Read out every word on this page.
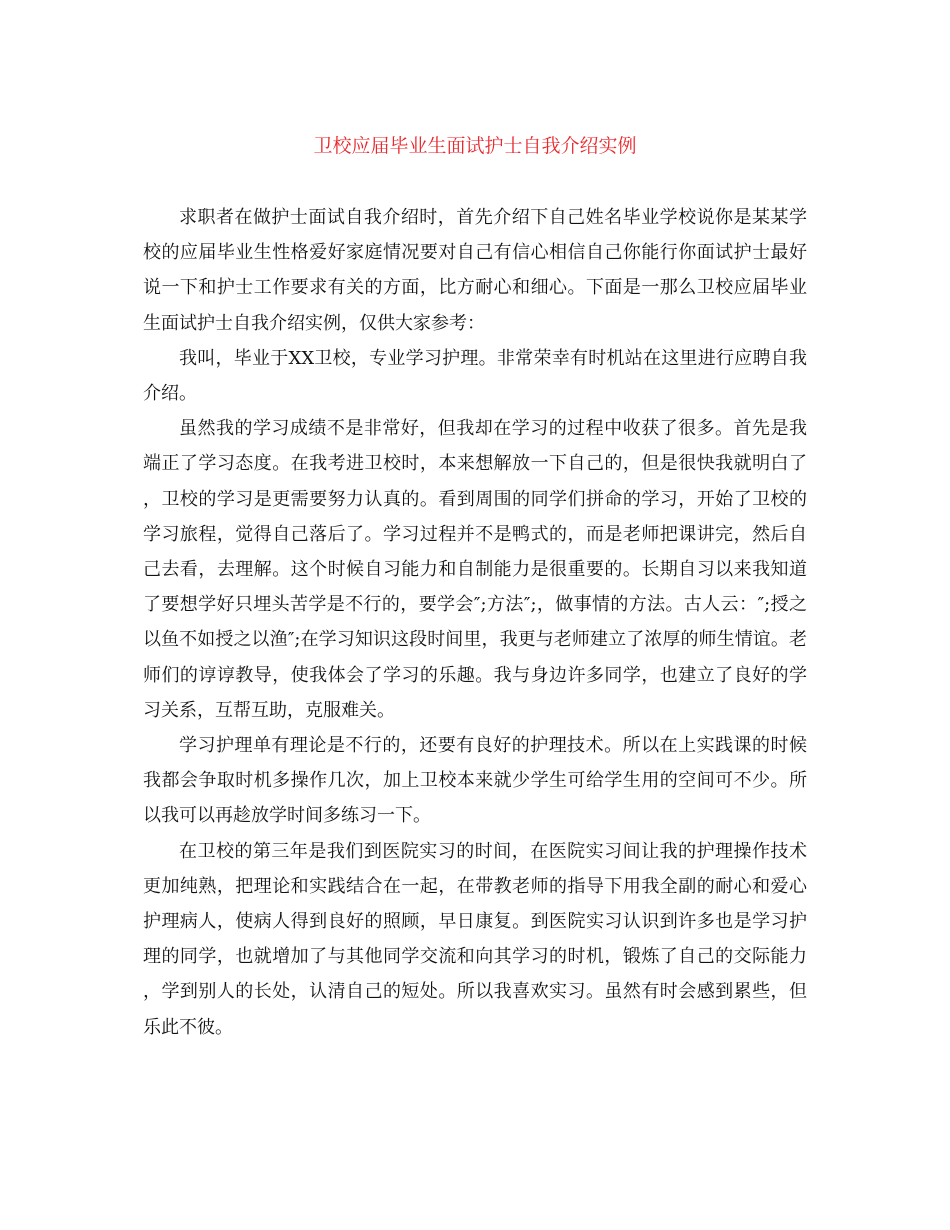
卫校应届毕业生面试护士自我介绍实例

求职者在做护士面试自我介绍时，首先介绍下自己姓名毕业学校说你是某某学校的应届毕业生性格爱好家庭情况要对自己有信心相信自己你能行你面试护士最好说一下和护士工作要求有关的方面，比方耐心和细心。下面是一那么卫校应届毕业生面试护士自我介绍实例，仅供大家参考：

我叫，毕业于XX卫校，专业学习护理。非常荣幸有时机站在这里进行应聘自我介绍。

虽然我的学习成绩不是非常好，但我却在学习的过程中收获了很多。首先是我端正了学习态度。在我考进卫校时，本来想解放一下自己的，但是很快我就明白了，卫校的学习是更需要努力认真的。看到周围的同学们拼命的学习，开始了卫校的学习旅程，觉得自己落后了。学习过程并不是鸭式的，而是老师把课讲完，然后自己去看，去理解。这个时候自习能力和自制能力是很重要的。长期自习以来我知道了要想学好只埋头苦学是不行的，要学会″;方法″;，做事情的方法。古人云：″;授之以鱼不如授之以渔″;在学习知识这段时间里，我更与老师建立了浓厚的师生情谊。老师们的谆谆教导，使我体会了学习的乐趣。我与身边许多同学，也建立了良好的学习关系，互帮互助，克服难关。

学习护理单有理论是不行的，还要有良好的护理技术。所以在上实践课的时候我都会争取时机多操作几次，加上卫校本来就少学生可给学生用的空间可不少。所以我可以再趁放学时间多练习一下。

在卫校的第三年是我们到医院实习的时间，在医院实习间让我的护理操作技术更加纯熟，把理论和实践结合在一起，在带教老师的指导下用我全副的耐心和爱心护理病人，使病人得到良好的照顾，早日康复。到医院实习认识到许多也是学习护理的同学，也就增加了与其他同学交流和向其学习的时机，锻炼了自己的交际能力，学到别人的长处，认清自己的短处。所以我喜欢实习。虽然有时会感到累些，但乐此不彼。
